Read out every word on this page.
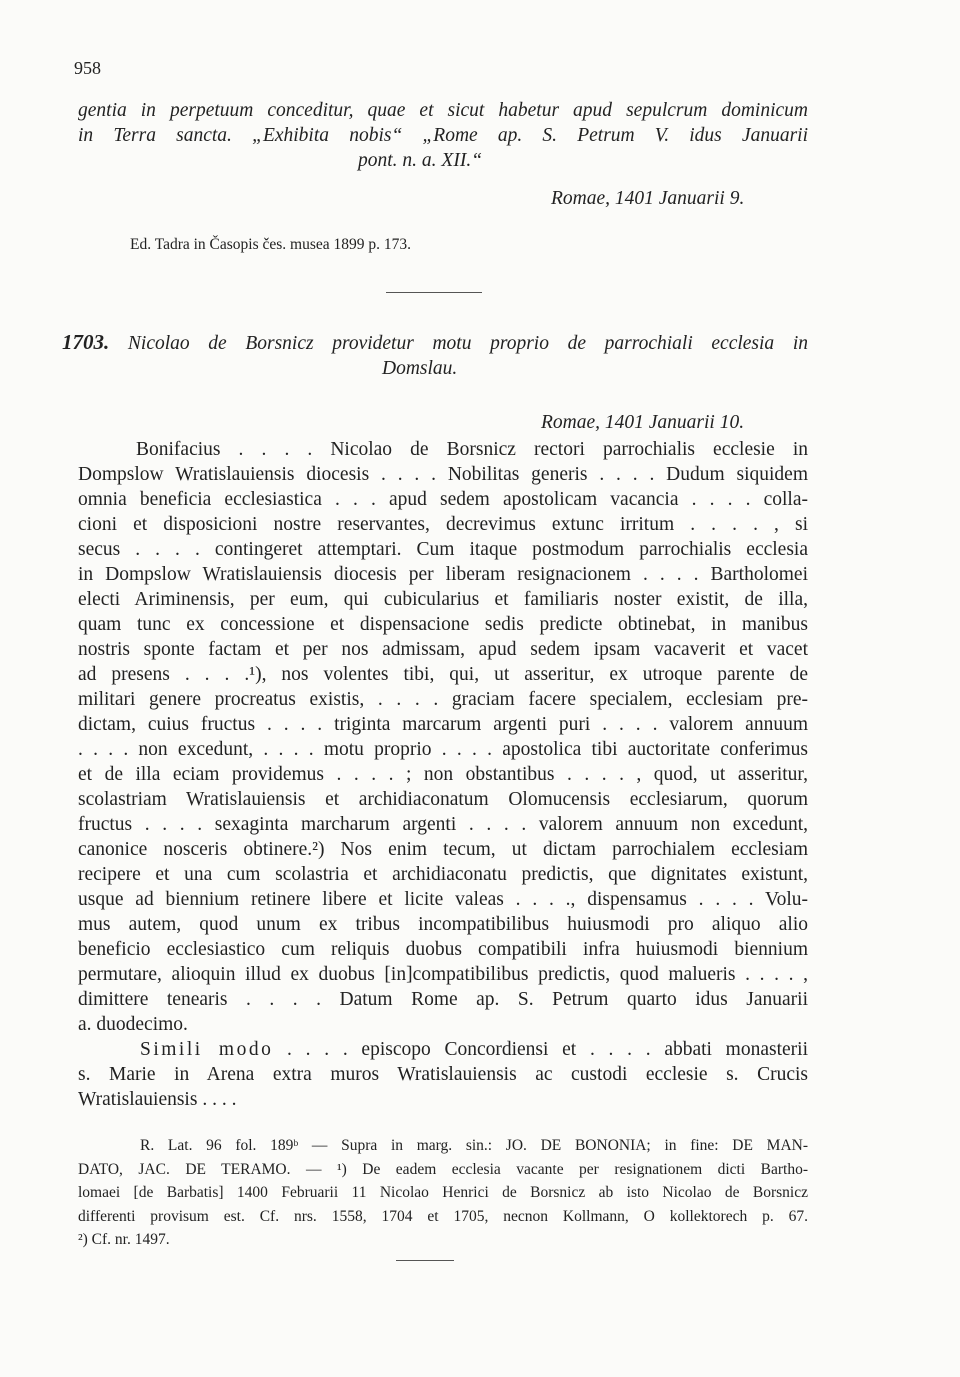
958
gentia in perpetuum conceditur, quae et sicut habetur apud sepulcrum dominicum
in Terra sancta. „Exhibita nobis“ „Rome ap. S. Petrum V. idus Januarii
pont. n. a. XII.“
Romae, 1401 Januarii 9.
Ed. Tadra in Časopis čes. musea 1899 p. 173.
1703. Nicolao de Borsnicz providetur motu proprio de parrochiali ecclesia in
Domslau.
Romae, 1401 Januarii 10.
Bonifacius . . . . Nicolao de Borsnicz rectori parrochialis ecclesie in
Dompslow Wratislauiensis diocesis . . . . Nobilitas generis . . . . Dudum siquidem
omnia beneficia ecclesiastica . . . apud sedem apostolicam vacancia . . . . colla-
cioni et disposicioni nostre reservantes, decrevimus extunc irritum . . . . , si
secus . . . . contingeret attemptari. Cum itaque postmodum parrochialis ecclesia
in Dompslow Wratislauiensis diocesis per liberam resignacionem . . . . Bartholomei
electi Ariminensis, per eum, qui cubicularius et familiaris noster existit, de illa,
quam tunc ex concessione et dispensacione sedis predicte obtinebat, in manibus
nostris sponte factam et per nos admissam, apud sedem ipsam vacaverit et vacet
ad presens . . . .¹), nos volentes tibi, qui, ut asseritur, ex utroque parente de
militari genere procreatus existis, . . . . graciam facere specialem, ecclesiam pre-
dictam, cuius fructus . . . . triginta marcarum argenti puri . . . . valorem annuum
. . . . non excedunt, . . . . motu proprio . . . . apostolica tibi auctoritate conferimus
et de illa eciam providemus . . . . ; non obstantibus . . . . , quod, ut asseritur,
scolastriam Wratislauiensis et archidiaconatum Olomucensis ecclesiarum, quorum
fructus . . . . sexaginta marcharum argenti . . . . valorem annuum non excedunt,
canonice nosceris obtinere.²) Nos enim tecum, ut dictam parrochialem ecclesiam
recipere et una cum scolastria et archidiaconatu predictis, que dignitates existunt,
usque ad biennium retinere libere et licite valeas . . . ., dispensamus . . . . Volu-
mus autem, quod unum ex tribus incompatibilibus huiusmodi pro aliquo alio
beneficio ecclesiastico cum reliquis duobus compatibili infra huiusmodi biennium
permutare, alioquin illud ex duobus [in]compatibilibus predictis, quod malueris . . . . ,
dimittere tenearis . . . . Datum Rome ap. S. Petrum quarto idus Januarii
a. duodecimo.
Simili modo . . . . episcopo Concordiensi et . . . . abbati monasterii
s. Marie in Arena extra muros Wratislauiensis ac custodi ecclesie s. Crucis
Wratislauiensis . . . .
R. Lat. 96 fol. 189ᵇ — Supra in marg. sin.: JO. DE BONONIA; in fine: DE MAN-
DATO, JAC. DE TERAMO. — ¹) De eadem ecclesia vacante per resignationem dicti Bartho-
lomaei [de Barbatis] 1400 Februarii 11 Nicolao Henrici de Borsnicz ab isto Nicolao de Borsnicz
differenti provisum est. Cf. nrs. 1558, 1704 et 1705, necnon Kollmann, O kollektorech p. 67.
²) Cf. nr. 1497.
